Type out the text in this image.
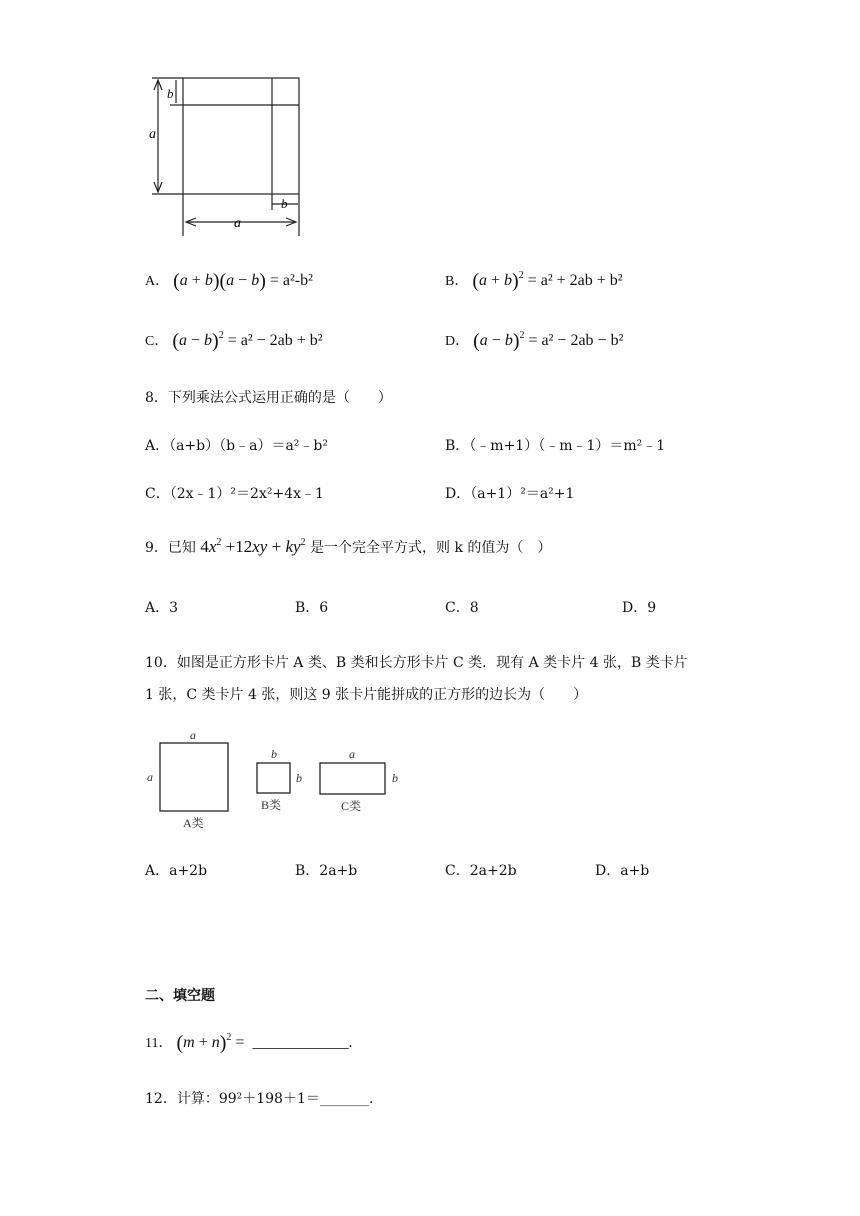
a
b
b
a
A． (a + b)(a − b) = a²-b²	B． $(a + b)^2 = a^2 + 2ab + b^2$
C． $(a - b)^2 = a^2 - 2ab + b^2$	D． $(a - b)^2 = a^2 - 2ab - b^2$
8．下列乘法公式运用正确的是（　　）
A．（a+b）（b﹣a）＝a²﹣b²	B．（﹣m+1）（﹣m﹣1）＝m²﹣1
C．（2x﹣1）²＝2x²+4x﹣1	D．（a+1）²＝a²+1
9．已知 $4x^2 +12xy + ky^2$ 是一个完全平方式，则 k 的值为（　）
A．3	B．6	C．8	D．9
10．如图是正方形卡片 A 类、B 类和长方形卡片 C 类．现有 A 类卡片 4 张，B 类卡片
1 张，C 类卡片 4 张，则这 9 张卡片能拼成的正方形的边长为（　　）
a
a
b
b
a
b
A类
B类	C类
A．a+2b	B．2a+b	C．2a+2b	D．a+b
二、填空题
11． $(m + n)^2$ =  ____________.
12．计算：99²＋198＋1＝_______.
